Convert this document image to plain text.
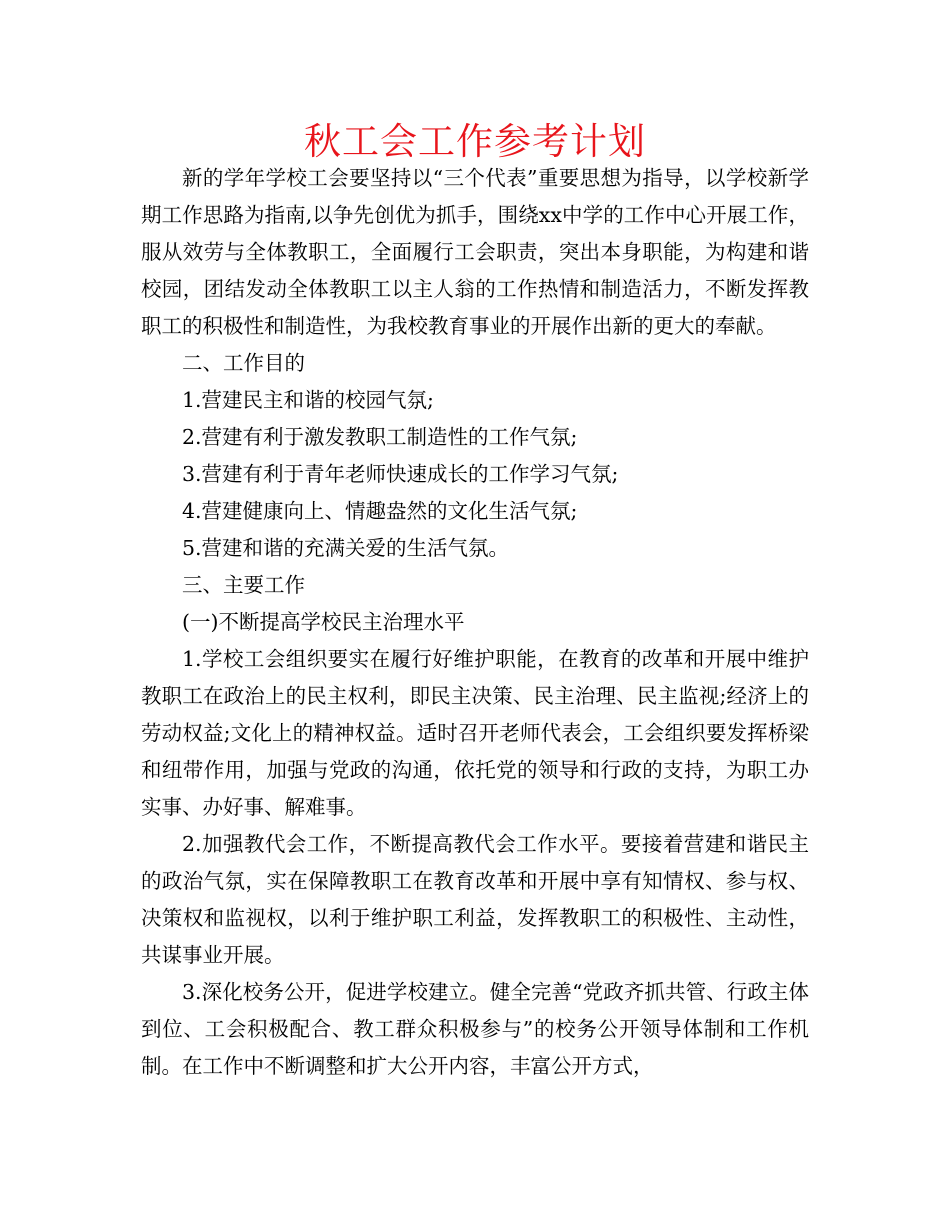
秋工会工作参考计划

新的学年学校工会要坚持以“三个代表”重要思想为指导，以学校新学期工作思路为指南,以争先创优为抓手，围绕xx中学的工作中心开展工作，服从效劳与全体教职工，全面履行工会职责，突出本身职能，为构建和谐校园，团结发动全体教职工以主人翁的工作热情和制造活力，不断发挥教职工的积极性和制造性，为我校教育事业的开展作出新的更大的奉献。

二、工作目的

1.营建民主和谐的校园气氛;

2.营建有利于激发教职工制造性的工作气氛;

3.营建有利于青年老师快速成长的工作学习气氛;

4.营建健康向上、情趣盎然的文化生活气氛;

5.营建和谐的充满关爱的生活气氛。

三、主要工作

(一)不断提高学校民主治理水平

1.学校工会组织要实在履行好维护职能，在教育的改革和开展中维护教职工在政治上的民主权利，即民主决策、民主治理、民主监视;经济上的劳动权益;文化上的精神权益。适时召开老师代表会，工会组织要发挥桥梁和纽带作用，加强与党政的沟通，依托党的领导和行政的支持，为职工办实事、办好事、解难事。

2.加强教代会工作，不断提高教代会工作水平。要接着营建和谐民主的政治气氛，实在保障教职工在教育改革和开展中享有知情权、参与权、决策权和监视权，以利于维护职工利益，发挥教职工的积极性、主动性，共谋事业开展。

3.深化校务公开，促进学校建立。健全完善“党政齐抓共管、行政主体到位、工会积极配合、教工群众积极参与”的校务公开领导体制和工作机制。在工作中不断调整和扩大公开内容，丰富公开方式，
